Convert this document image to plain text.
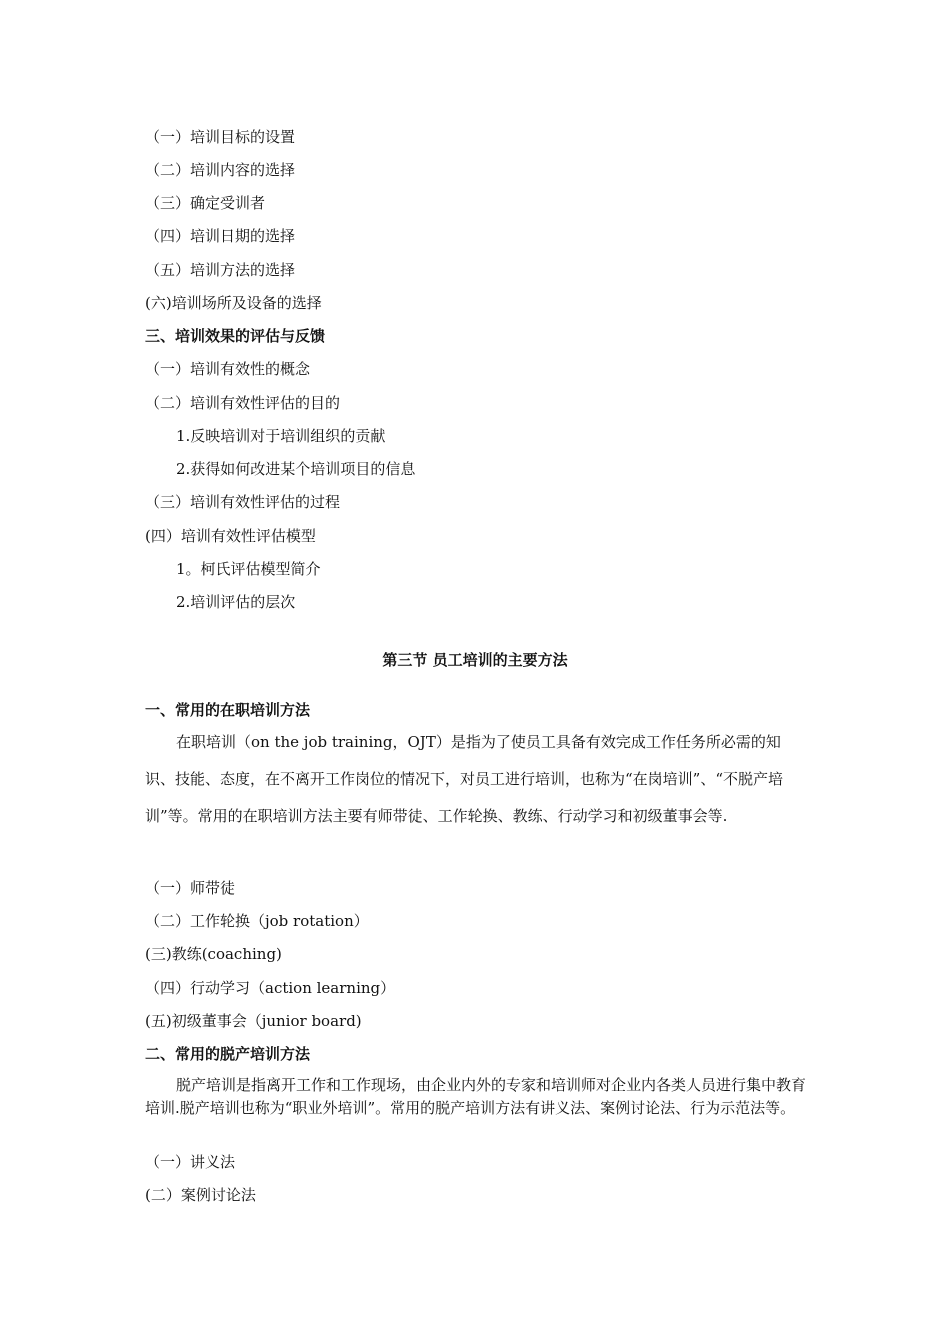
（一）培训目标的设置
（二）培训内容的选择
（三）确定受训者
（四）培训日期的选择
（五）培训方法的选择
(六)培训场所及设备的选择
三、培训效果的评估与反馈
（一）培训有效性的概念
（二）培训有效性评估的目的
1.反映培训对于培训组织的贡献
2.获得如何改进某个培训项目的信息
（三）培训有效性评估的过程
(四）培训有效性评估模型
1。柯氏评估模型简介
2.培训评估的层次
第三节 员工培训的主要方法
一、常用的在职培训方法

在职培训（on the job training，OJT）是指为了使员工具备有效完成工作任务所必需的知识、技能、态度，在不离开工作岗位的情况下，对员工进行培训，也称为“在岗培训”、“不脱产培训”等。常用的在职培训方法主要有师带徒、工作轮换、教练、行动学习和初级董事会等.

（一）师带徒
（二）工作轮换（job rotation）
(三)教练(coaching)
（四）行动学习（action learning）
(五)初级董事会（junior board)
二、常用的脱产培训方法

脱产培训是指离开工作和工作现场，由企业内外的专家和培训师对企业内各类人员进行集中教育培训.脱产培训也称为“职业外培训”。常用的脱产培训方法有讲义法、案例讨论法、行为示范法等。

（一）讲义法
(二）案例讨论法
